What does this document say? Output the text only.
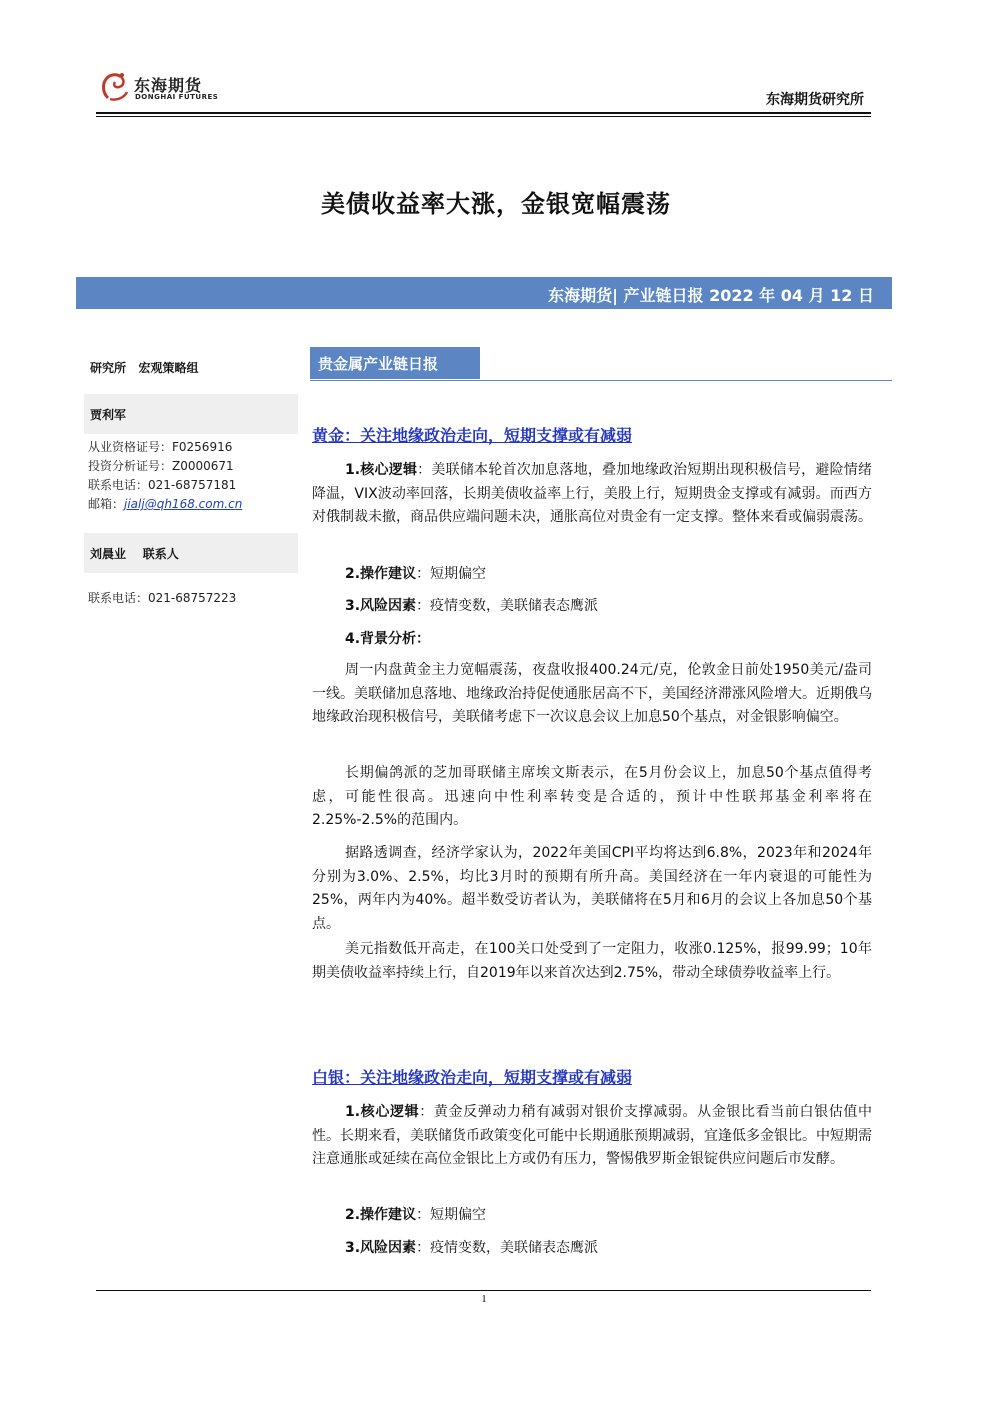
东海期货
DONGHAI FUTURES	东海期货研究所
美债收益率大涨，金银宽幅震荡
东海期货| 产业链日报 2022 年 04 月 12 日
研究所   宏观策略组
贾利军
从业资格证号：F0256916
投资分析证号：Z0000671
联系电话：021-68757181
邮箱：jialj@qh168.com.cn
刘晨业    联系人
联系电话：021-68757223
贵金属产业链日报
黄金：关注地缘政治走向，短期支撑或有减弱
1.核心逻辑：美联储本轮首次加息落地，叠加地缘政治短期出现积极信号，避险情绪降温，VIX波动率回落，长期美债收益率上行，美股上行，短期贵金支撑或有减弱。而西方对俄制裁未撤，商品供应端问题未决，通胀高位对贵金有一定支撑。整体来看或偏弱震荡。
2.操作建议：短期偏空
3.风险因素：疫情变数，美联储表态鹰派
4.背景分析：
周一内盘黄金主力宽幅震荡，夜盘收报400.24元/克，伦敦金日前处1950美元/盎司一线。美联储加息落地、地缘政治持促使通胀居高不下，美国经济滞涨风险增大。近期俄乌地缘政治现积极信号，美联储考虑下一次议息会议上加息50个基点，对金银影响偏空。
长期偏鸽派的芝加哥联储主席埃文斯表示，在5月份会议上，加息50个基点值得考虑，可能性很高。迅速向中性利率转变是合适的，预计中性联邦基金利率将在2.25%-2.5%的范围内。
据路透调查，经济学家认为，2022年美国CPI平均将达到6.8%，2023年和2024年分别为3.0%、2.5%，均比3月时的预期有所升高。美国经济在一年内衰退的可能性为25%，两年内为40%。超半数受访者认为，美联储将在5月和6月的会议上各加息50个基点。
美元指数低开高走，在100关口处受到了一定阻力，收涨0.125%，报99.99；10年期美债收益率持续上行，自2019年以来首次达到2.75%，带动全球债券收益率上行。
白银：关注地缘政治走向，短期支撑或有减弱
1.核心逻辑：黄金反弹动力稍有减弱对银价支撑减弱。从金银比看当前白银估值中性。长期来看，美联储货币政策变化可能中长期通胀预期减弱，宜逢低多金银比。中短期需注意通胀或延续在高位金银比上方或仍有压力，警惕俄罗斯金银锭供应问题后市发酵。
2.操作建议：短期偏空
3.风险因素：疫情变数，美联储表态鹰派
1
